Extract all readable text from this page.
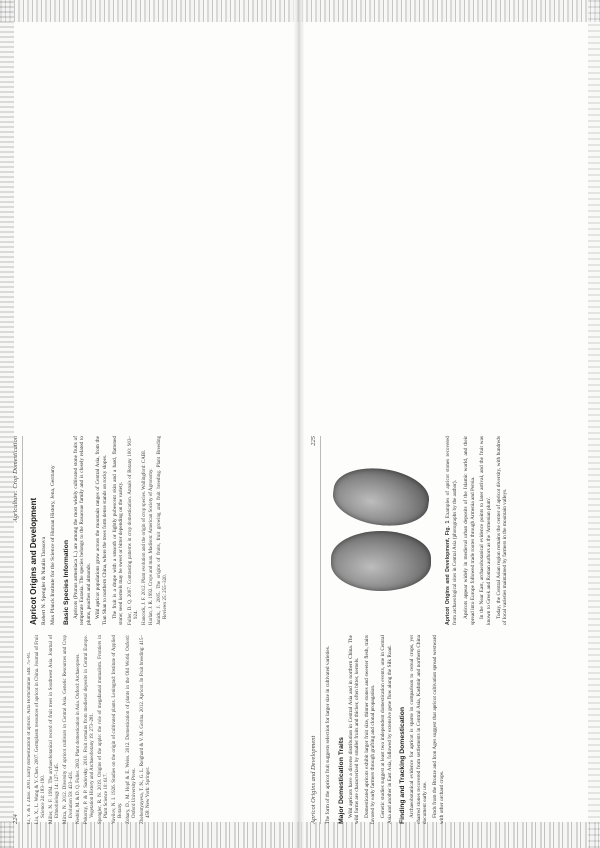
224
Agriculture: Crop Domestication

Li, Y. & J. Zhao. 2001. Early domestication of apricot. Acta Horticulturae 546: 75–81. Liu, X., L. Wang & Y. Chen. 2007. Germplasm resources of apricot in China. Journal of Fruit Science 24: 183–190. Miller, N. F. 1994. The archaeobotanical record of fruit trees in Southwest Asia. Journal of Ethnobiology 14: 127–145. Mirza, N. 2012. Diversity of apricot cultivars in Central Asia. Genetic Resources and Crop Evolution 59: 423–431. Nesbitt, M. & D. Q. Fuller. 2002. Plant domestication in Asia. Oxford: Archaeopress. Pokorny, P. & P. Sadovsky. 2010. Fruit remains from medieval deposits in Central Europe. Vegetation History and Archaeobotany 19: 273–281. Spengler, R. N. 2019. Origins of the apple: the role of megafaunal mutualism. Frontiers in Plant Science 10: 617. Vavilov, N. I. 1926. Studies on the origin of cultivated plants. Leningrad: Institute of Applied Botany. Zohary, D., M. Hopf & E. Weiss. 2012. Domestication of plants in the Old World. Oxford: Oxford University Press. Zhebentyayeva, T. N., G. L. Reighard & V. M. Gorina. 2012. Apricot. In Fruit breeding: 415–458. New York: Springer.

Apricot Origins and Development Robert N. Spengler & Natalia Tarasova Max Planck Institute for the Science of Human History, Jena, Germany Basic Species Information Apricots (Prunus armeniaca L.) are among the most widely cultivated stone fruits of temperate Eurasia. The species belongs to the Rosaceae family and is closely related to plums, peaches and almonds. Wild apricot populations grow across the mountain ranges of Central Asia, from the Tian Shan to northern China, where the trees form dense stands on rocky slopes. The fruit is a drupe with a smooth or lightly pubescent skin and a hard, flattened stone; seed kernels may be sweet or bitter depending on the variety. Fuller, D. Q. 2007. Contrasting patterns in crop domestication. Annals of Botany 100: 903–924. Hancock, J. F. 2012. Plant evolution and the origin of crop species. Wallingford: CABI. Harlan, J. R. 1992. Crops and man. Madison: American Society of Agronomy. Janick, J. 2005. The origins of fruits, fruit growing and fruit breeding. Plant Breeding Reviews 25: 255–320.

Apricot Origins and Development
225

The form of the apricot fruit suggests selection for larger size in cultivated varieties. Major Domestication Traits Wild apricots have a diverse distribution in Central Asia and in northern China. The wild forms are characterized by smaller fruits and thicker, often bitter, kernels. Domesticated apricots exhibit larger fruit size, thinner stones and sweeter flesh, traits favored by early farmers through grafting and clonal propagation. Genetic studies suggest at least two independent domestication events, one in Central Asia and another in East Asia, followed by extensive gene flow along the Silk Road. Finding and Tracking Domestication Archaeobotanical evidence for apricot is sparse in comparison to cereal crops, yet charred stones recovered from settlements in Central Asia, Kashmir and northern China document early use. Finds from the Bronze and Iron Ages suggest that apricot cultivation spread westward with other orchard crops.

Apricot Origins and Development, Fig. 1 Examples of apricot stones recovered from archaeological sites in Central Asia (photographs by the author). Apricots appear widely in medieval urban deposits of the Islamic world, and their spread into Europe followed trade routes through Armenia and Persia. In the Near East, archaeobotanical evidence points to later arrival, and the fruit was known to Greek and Roman authors as the 'Armenian plum'. Today, the Central Asian region remains the center of apricot diversity, with hundreds of local varieties maintained by farmers in the mountain valleys.
